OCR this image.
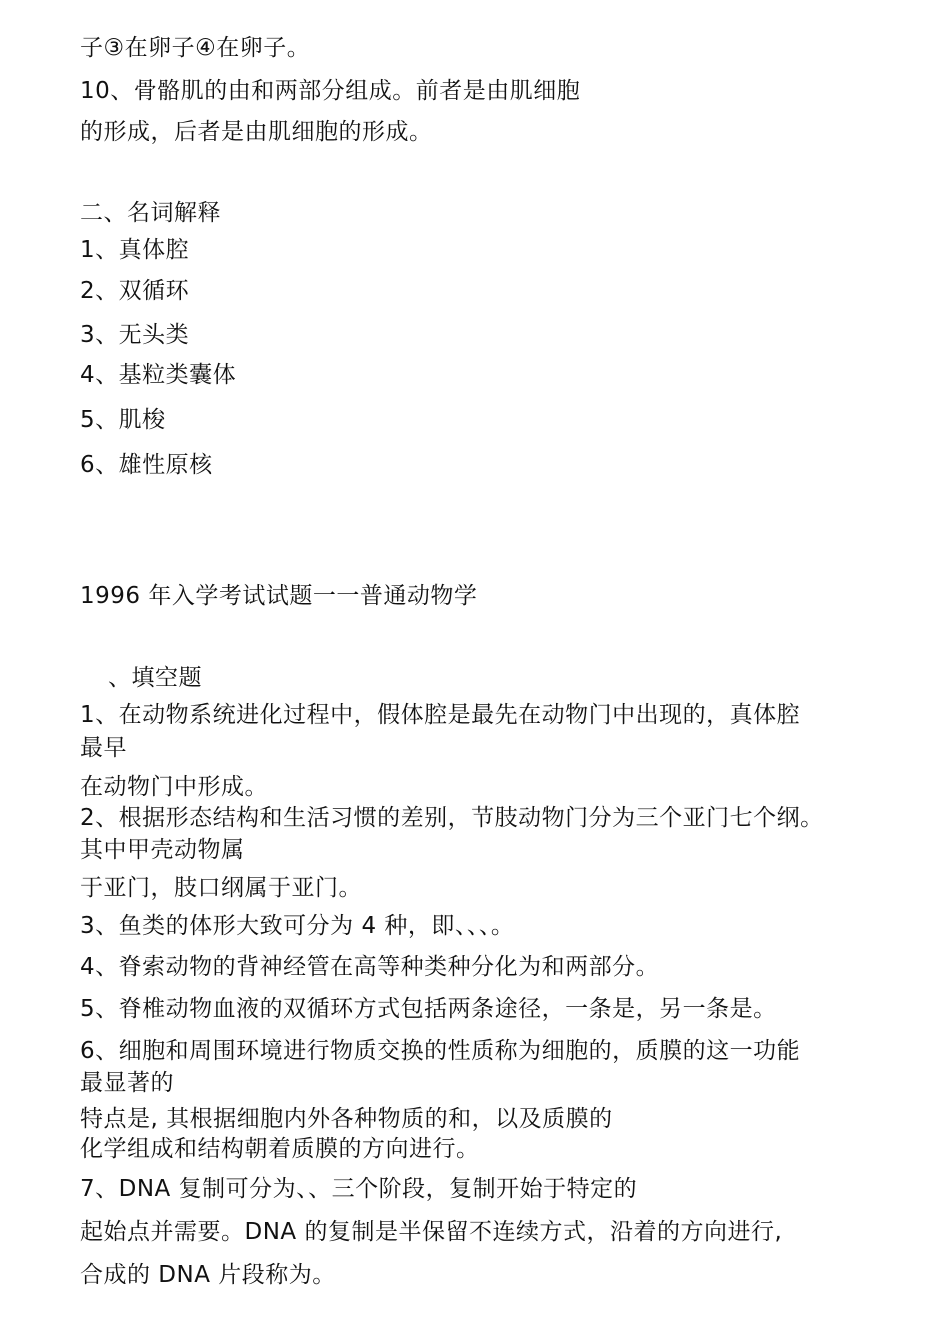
子③在卵子④在卵子。
10、骨骼肌的由和两部分组成。前者是由肌细胞
的形成，后者是由肌细胞的形成。
二、名词解释
1、真体腔
2、双循环
3、无头类
4、基粒类囊体
5、肌梭
6、雄性原核
1996 年入学考试试题一一普通动物学
、填空题
1、在动物系统进化过程中，假体腔是最先在动物门中出现的，真体腔
最早
在动物门中形成。
2、根据形态结构和生活习惯的差别，节肢动物门分为三个亚门七个纲。
其中甲壳动物属
于亚门，肢口纲属于亚门。
3、鱼类的体形大致可分为 4 种，即、、、。
4、脊索动物的背神经管在高等种类种分化为和两部分。
5、脊椎动物血液的双循环方式包括两条途径，一条是，另一条是。
6、细胞和周围环境进行物质交换的性质称为细胞的，质膜的这一功能
最显著的
特点是, 其根据细胞内外各种物质的和，以及质膜的
化学组成和结构朝着质膜的方向进行。
7、DNA 复制可分为、、三个阶段，复制开始于特定的
起始点并需要。DNA 的复制是半保留不连续方式，沿着的方向进行,
合成的 DNA 片段称为。
